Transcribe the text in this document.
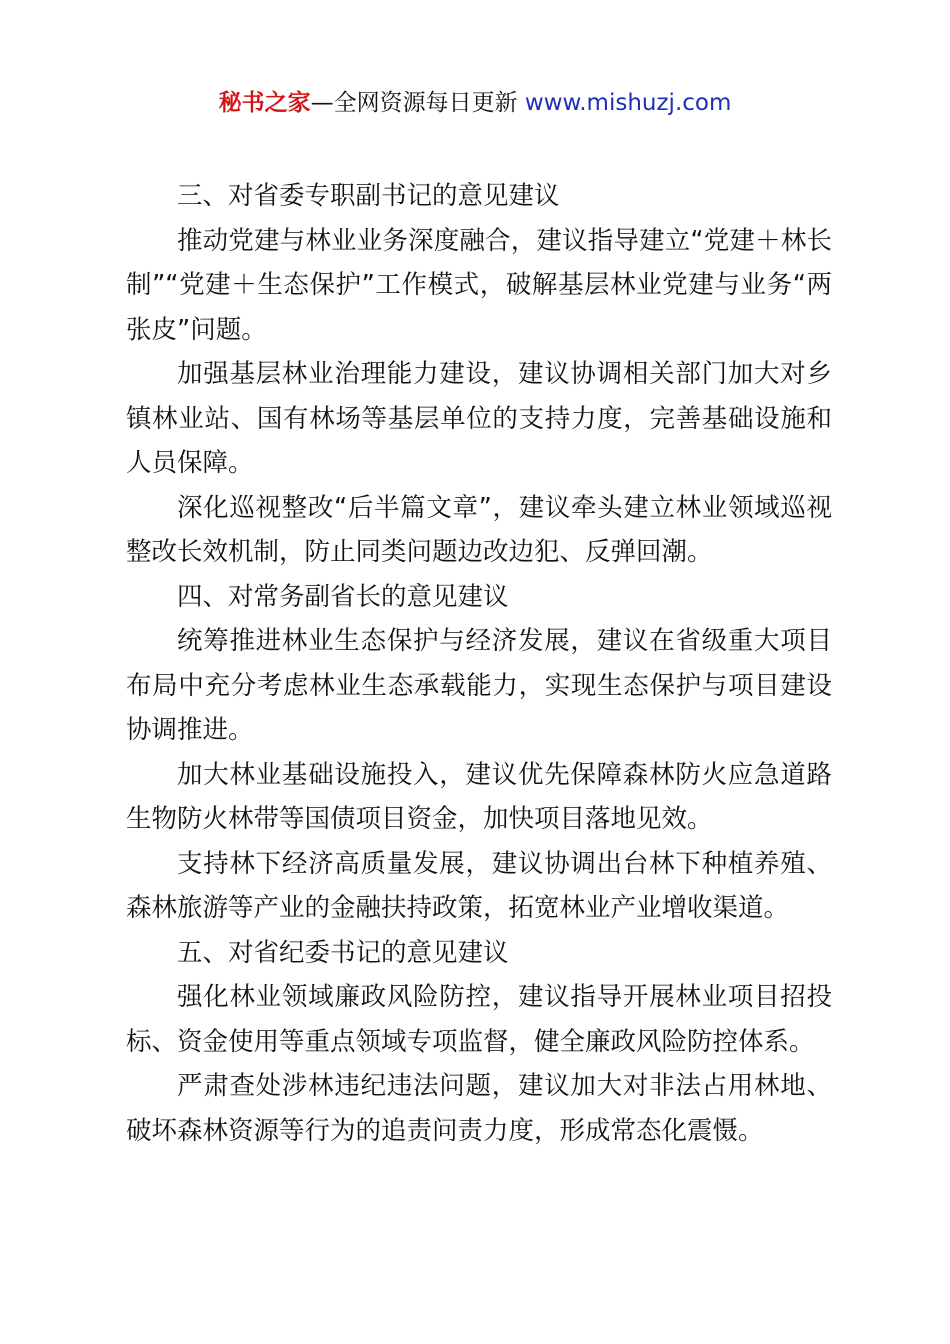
秘书之家—全网资源每日更新 www.mishuzj.com

三、对省委专职副书记的意见建议

推动党建与林业业务深度融合，建议指导建立“党建＋林长制”“党建＋生态保护”工作模式，破解基层林业党建与业务“两张皮”问题。

加强基层林业治理能力建设，建议协调相关部门加大对乡镇林业站、国有林场等基层单位的支持力度，完善基础设施和人员保障。

深化巡视整改“后半篇文章”，建议牵头建立林业领域巡视整改长效机制，防止同类问题边改边犯、反弹回潮。

四、对常务副省长的意见建议

统筹推进林业生态保护与经济发展，建议在省级重大项目布局中充分考虑林业生态承载能力，实现生态保护与项目建设协调推进。

加大林业基础设施投入，建议优先保障森林防火应急道路生物防火林带等国债项目资金，加快项目落地见效。

支持林下经济高质量发展，建议协调出台林下种植养殖、森林旅游等产业的金融扶持政策，拓宽林业产业增收渠道。

五、对省纪委书记的意见建议

强化林业领域廉政风险防控，建议指导开展林业项目招投标、资金使用等重点领域专项监督，健全廉政风险防控体系。

严肃查处涉林违纪违法问题，建议加大对非法占用林地、破坏森林资源等行为的追责问责力度，形成常态化震慑。
